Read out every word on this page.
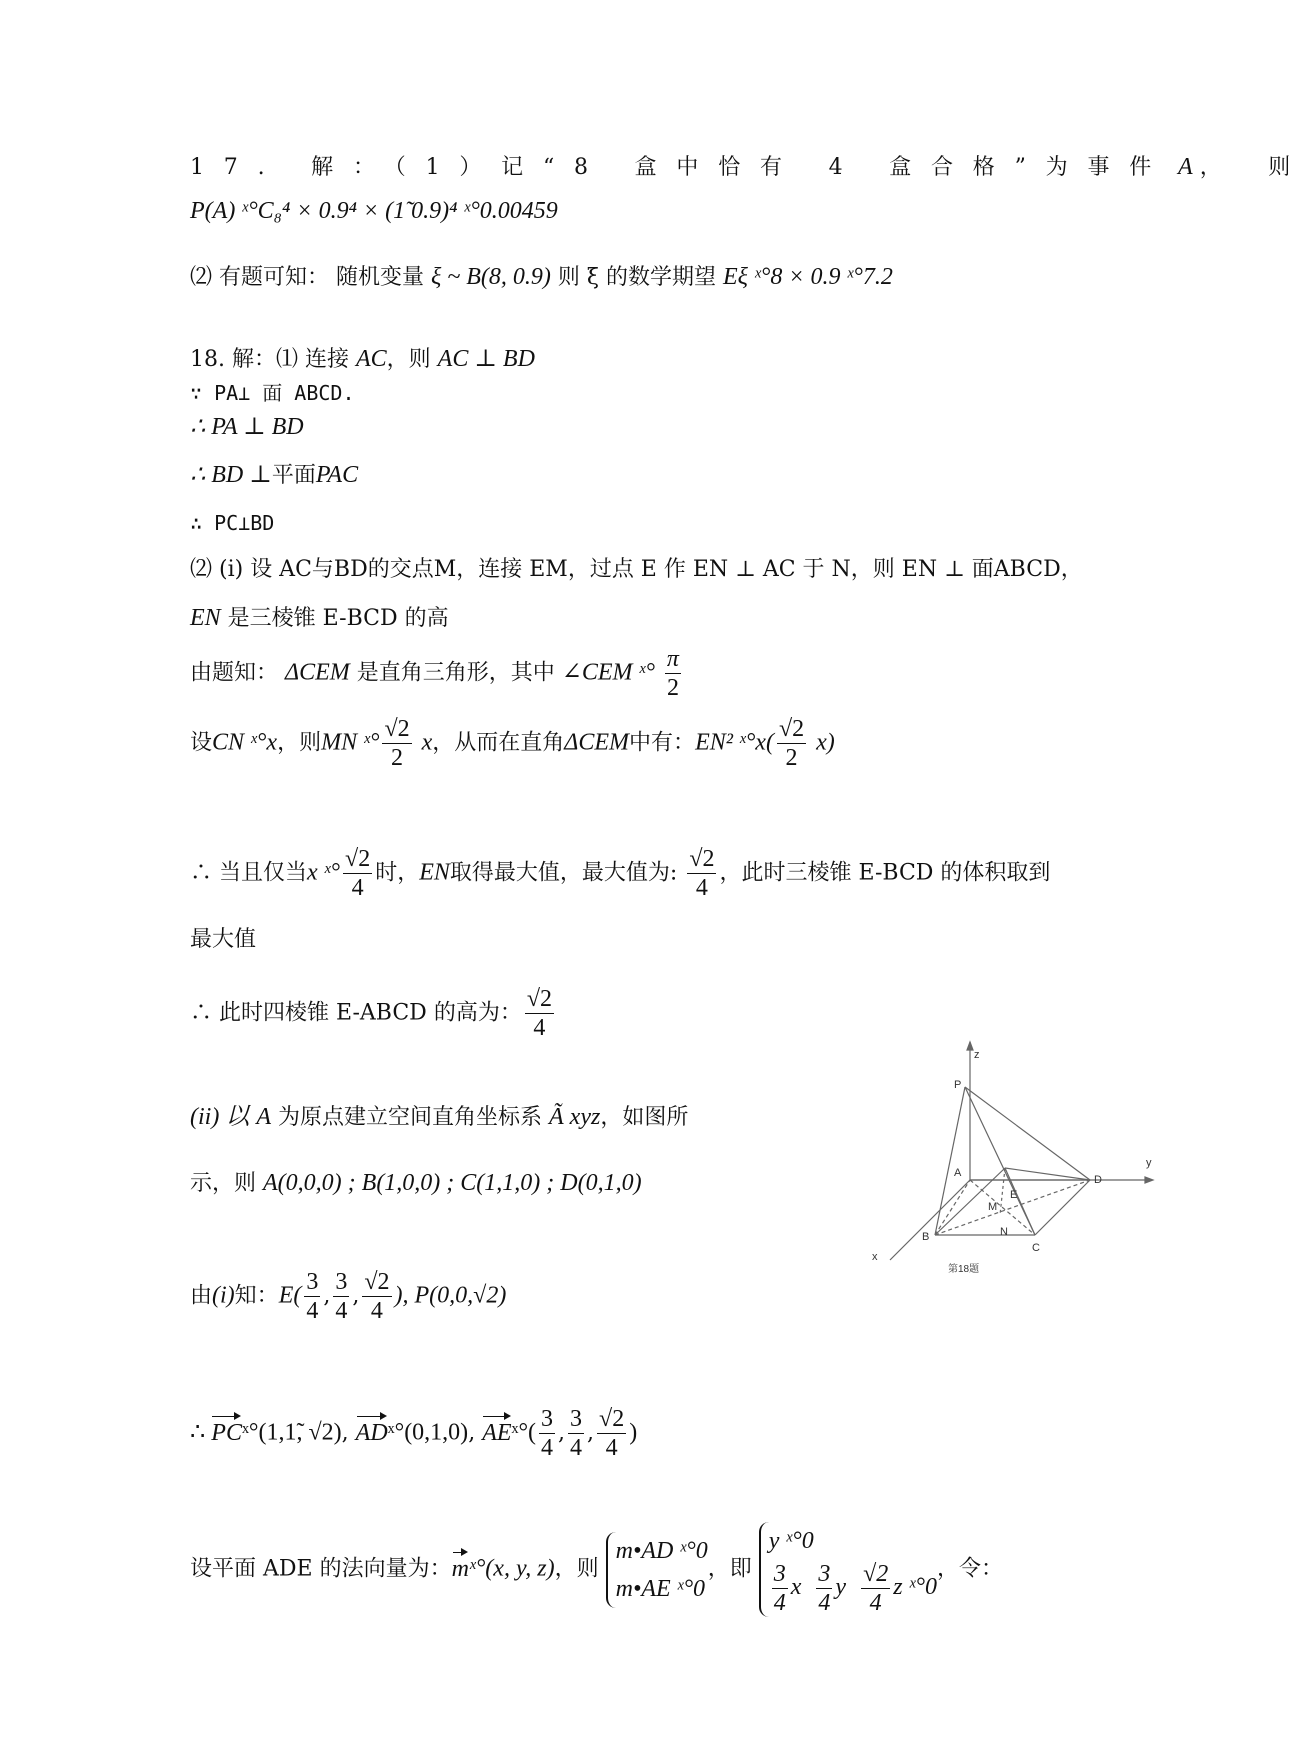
17. 解：（1）记“8 盒中恰有 4 盒合格”为事件 A ， 则
P(A) ˣ°C₈⁴ × 0.9⁴ × (1̃ 0.9)⁴ ˣ°0.00459
⑵ 有题可知： 随机变量 ξ ~ B(8, 0.9) 则 ξ 的数学期望 Eξ ˣ°8 × 0.9 ˣ°7.2
18. 解：⑴ 连接 AC，则 AC ⊥ BD
∵ PA⊥ 面 ABCD.
∴ PA ⊥ BD
∴ BD ⊥平面PAC
∴ PC⊥BD
⑵ (i) 设 AC与BD的交点M，连接 EM，过点 E 作 EN ⊥ AC 于 N，则 EN ⊥ 面ABCD，
EN 是三棱锥 E-BCD 的高
由题知： ΔCEM 是直角三角形，其中 ∠CEM ˣ° $\frac{\pi}{2}$
设CN ˣ°x，则MN ˣ° $\frac{√2}{2}$ x，从而在直角ΔCEM中有：EN² ˣ°x( $\frac{√2}{2} x$)
∴ 当且仅当x ˣ° $\frac{√2}{4}$ 时，EN取得最大值，最大值为: $\frac{√2}{4}$ ，此时三棱锥 E-BCD 的体积取到
最大值
∴ 此时四棱锥 E-ABCD 的高为： $\frac{√2}{4}$
(ii) 以 A 为原点建立空间直角坐标系 Ã xyz，如图所
示，则 A(0,0,0) ; B(1,0,0) ; C(1,1,0) ; D(0,1,0)
由(i)知：$E( \frac{3}{4}$ , $\frac{3}{4}$ , $\frac{√2}{4}$ ), P(0,0,√2)
∴ PCˣ°(1,1̃, √2), ADˣ°(0,1,0), AEˣ°( $\frac{3}{4}$ , $\frac{3}{4}$ , $\frac{√2}{4}$ )
设平面 ADE 的法向量为：mˣ°(x, y, z)，则
m•AD ˣ°0
m•AE ˣ°0
，即
y ˣ°0
$\frac{3}{4}$ x $\frac{3}{4}$ y $\frac{√2}{4}$ z ˣ°0
，令：
z
y
x
P
A
B
C
D
M
N
E
第18题
